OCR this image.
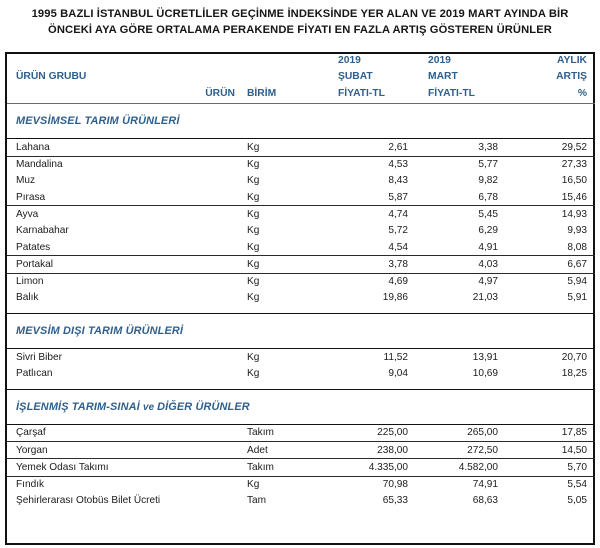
1995 BAZLI İSTANBUL ÜCRETLİLER GEÇİNME İNDEKSİNDE YER ALAN VE 2019 MART AYINDA BİR
ÖNCEKİ AYA GÖRE ORTALAMA PERAKENDE FİYATI EN FAZLA ARTIŞ GÖSTEREN ÜRÜNLER
ÜRÜN GRUBU
ÜRÜN	BİRİM

2019
ŞUBAT
FİYATI-TL

2019
MART
FİYATI-TL

AYLIK
ARTIŞ
%

MEVSİMSEL TARIM ÜRÜNLERİ				

Lahana	Kg	2,61	3,38	29,52
Mandalina	Kg	4,53	5,77	27,33
Muz	Kg	8,43	9,82	16,50
Pırasa	Kg	5,87	6,78	15,46
Ayva	Kg	4,74	5,45	14,93
Karnabahar	Kg	5,72	6,29	9,93
Patates	Kg	4,54	4,91	8,08
Portakal	Kg	3,78	4,03	6,67
Limon	Kg	4,69	4,97	5,94
Balık	Kg	19,86	21,03	5,91

MEVSİM DIŞI TARIM ÜRÜNLERİ				

Sivri Biber	Kg	11,52	13,91	20,70
Patlıcan	Kg	9,04	10,69	18,25

İŞLENMİŞ TARIM-SINAİ ve DİĞER ÜRÜNLER				

Çarşaf	Takım	225,00	265,00	17,85
Yorgan	Adet	238,00	272,50	14,50
Yemek Odası Takımı	Takım	4.335,00	4.582,00	5,70
Fındık	Kg	70,98	74,91	5,54
Şehirlerarası Otobüs Bilet Ücreti	Tam	65,33	68,63	5,05
